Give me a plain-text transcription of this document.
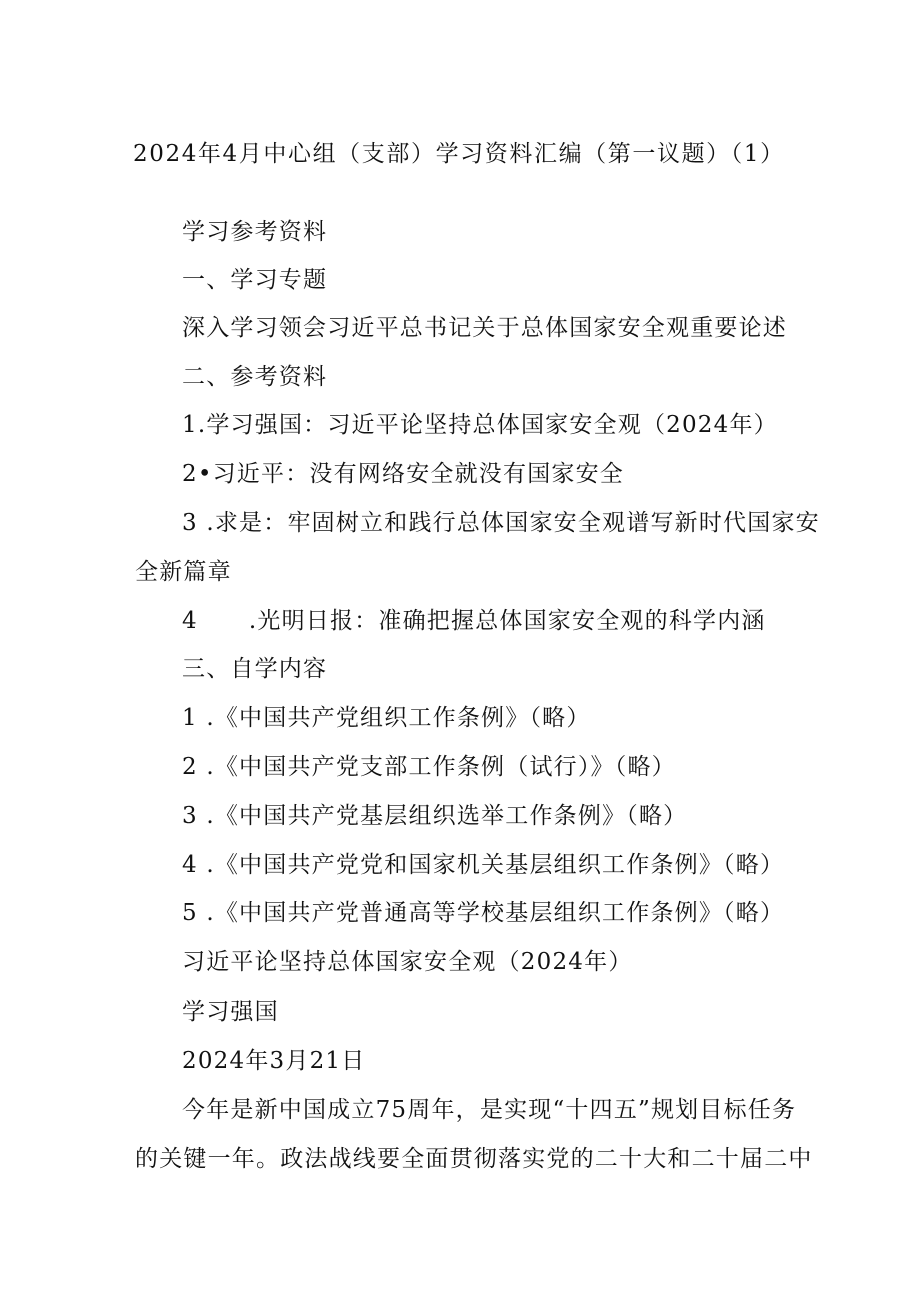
2024年4月中心组（支部）学习资料汇编（第一议题）（1）
学习参考资料
一、学习专题
深入学习领会习近平总书记关于总体国家安全观重要论述
二、参考资料
1.学习强国：习近平论坚持总体国家安全观（2024年）
2•习近平：没有网络安全就没有国家安全
3 .求是：牢固树立和践行总体国家安全观谱写新时代国家安
全新篇章
4      .光明日报：准确把握总体国家安全观的科学内涵
三、自学内容
1 .《中国共产党组织工作条例》（略）
2 .《中国共产党支部工作条例（试行）》（略）
3 .《中国共产党基层组织选举工作条例》（略）
4 .《中国共产党党和国家机关基层组织工作条例》（略）
5 .《中国共产党普通高等学校基层组织工作条例》（略）
习近平论坚持总体国家安全观（2024年）
学习强国
2024年3月21日
今年是新中国成立75周年，是实现“十四五”规划目标任务
的关键一年。政法战线要全面贯彻落实党的二十大和二十届二中
